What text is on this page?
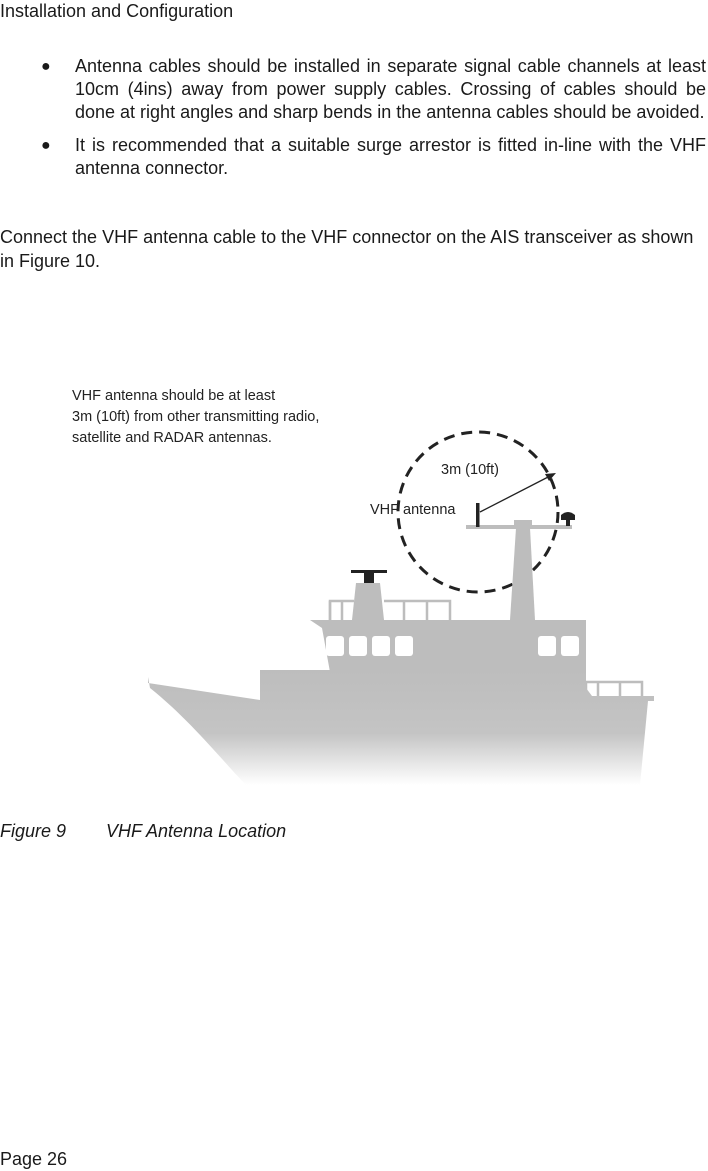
Installation and Configuration
● Antenna cables should be installed in separate signal cable channels at least 10cm (4ins) away from power supply cables. Crossing of cables should be done at right angles and sharp bends in the antenna cables should be avoided.
● It is recommended that a suitable surge arrestor is fitted in-line with the VHF antenna connector.

Connect the VHF antenna cable to the VHF connector on the AIS transceiver as shown in Figure 10.

VHF antenna should be at least
3m (10ft) from other transmitting radio,
satellite and RADAR antennas.
3m (10ft)
VHF antenna
Figure 9 VHF Antenna Location
Page 26
